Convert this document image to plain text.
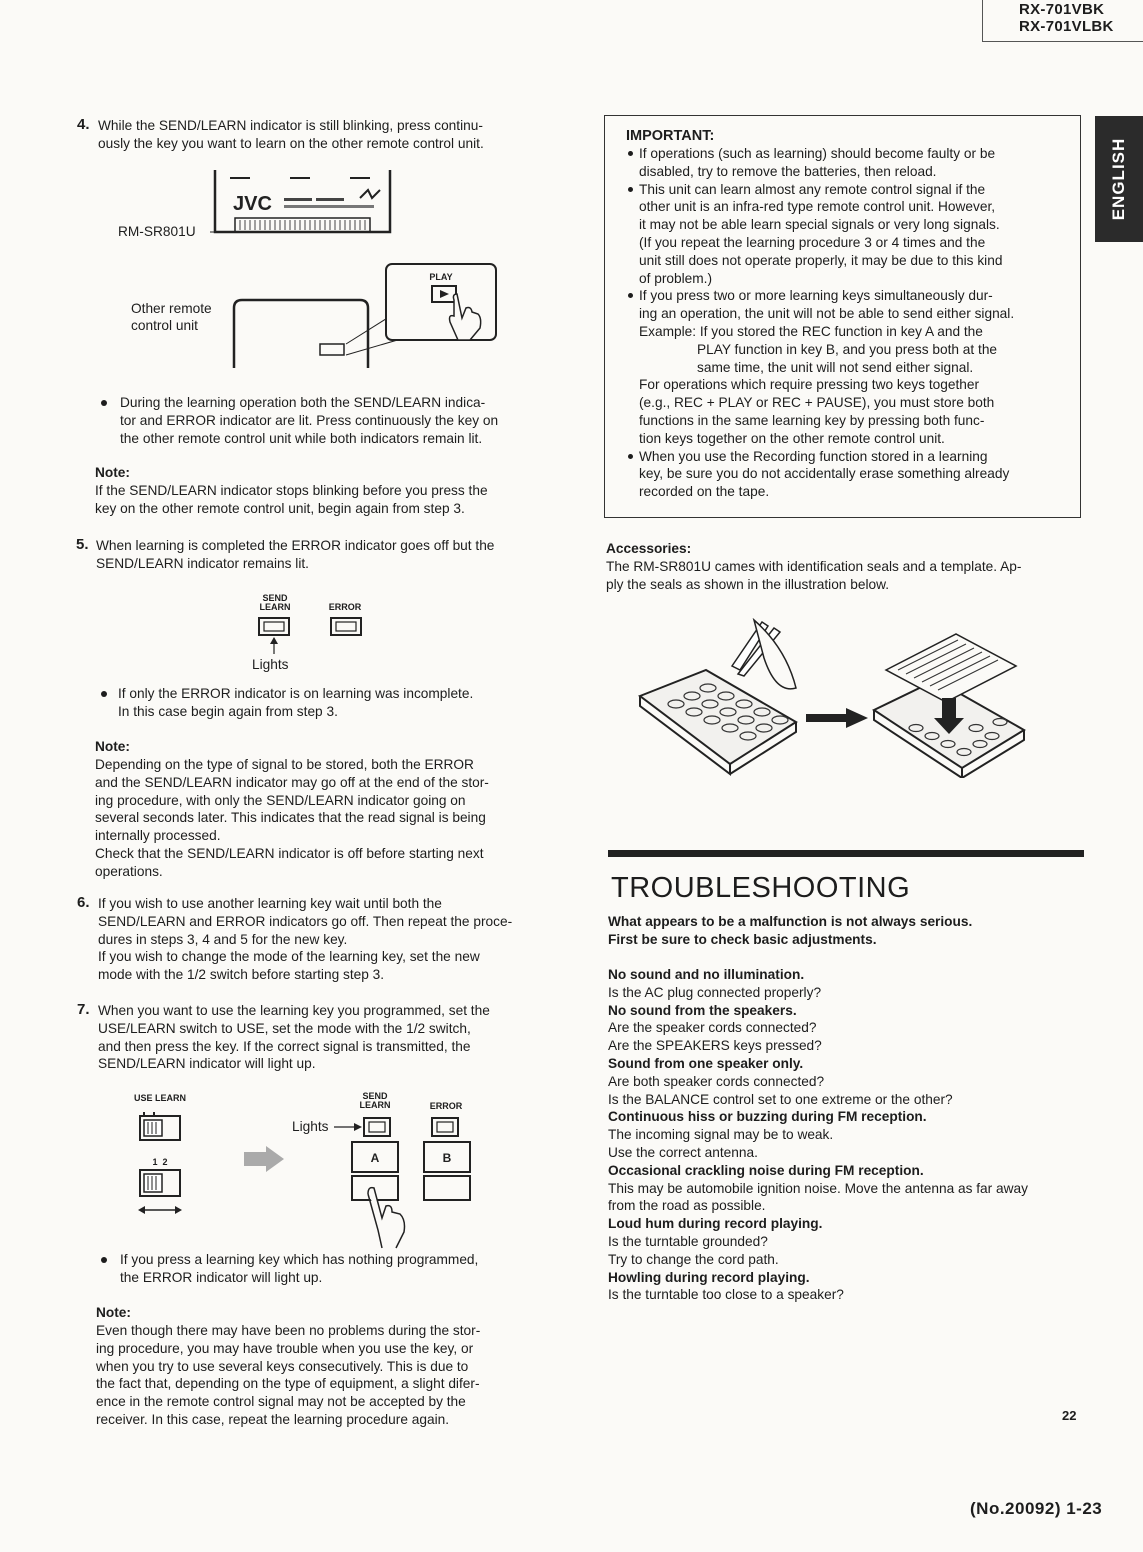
RX-701VBK
RX-701VLBK
ENGLISH
4. While the SEND/LEARN indicator is still blinking, press continu-
ously the key you want to learn on the other remote control unit.
RM-SR801U
Other remote
control unit
JVC
PLAY
During the learning operation both the SEND/LEARN indica-
tor and ERROR indicator are lit. Press continuously the key on
the other remote control unit while both indicators remain lit.
Note:
If the SEND/LEARN indicator stops blinking before you press the
key on the other remote control unit, begin again from step 3.
5. When learning is completed the ERROR indicator goes off but the
SEND/LEARN indicator remains lit.
SEND
LEARN	ERROR
Lights
If only the ERROR indicator is on learning was incomplete.
In this case begin again from step 3.
Note:
Depending on the type of signal to be stored, both the ERROR
and the SEND/LEARN indicator may go off at the end of the stor-
ing procedure, with only the SEND/LEARN indicator going on
several seconds later. This indicates that the read signal is being
internally processed.
Check that the SEND/LEARN indicator is off before starting next
operations.
6. If you wish to use another learning key wait until both the
SEND/LEARN and ERROR indicators go off. Then repeat the proce-
dures in steps 3, 4 and 5 for the new key.
If you wish to change the mode of the learning key, set the new
mode with the 1/2 switch before starting step 3.
7. When you want to use the learning key you programmed, set the
USE/LEARN switch to USE, set the mode with the 1/2 switch,
and then press the key. If the correct signal is transmitted, the
SEND/LEARN indicator will light up.
USE LEARN
1 2
SEND
LEARN	ERROR
Lights
A	B
If you press a learning key which has nothing programmed,
the ERROR indicator will light up.
Note:
Even though there may have been no problems during the stor-
ing procedure, you may have trouble when you use the key, or
when you try to use several keys consecutively. This is due to
the fact that, depending on the type of equipment, a slight difer-
ence in the remote control signal may not be accepted by the
receiver. In this case, repeat the learning procedure again.
IMPORTANT:
If operations (such as learning) should become faulty or be
disabled, try to remove the batteries, then reload.
This unit can learn almost any remote control signal if the
other unit is an infra-red type remote control unit. However,
it may not be able learn special signals or very long signals.
(If you repeat the learning procedure 3 or 4 times and the
unit still does not operate properly, it may be due to this kind
of problem.)
If you press two or more learning keys simultaneously dur-
ing an operation, the unit will not be able to send either signal.
Example: If you stored the REC function in key A and the
PLAY function in key B, and you press both at the
same time, the unit will not send either signal.
For operations which require pressing two keys together
(e.g., REC + PLAY or REC + PAUSE), you must store both
functions in the same learning key by pressing both func-
tion keys together on the other remote control unit.
When you use the Recording function stored in a learning
key, be sure you do not accidentally erase something already
recorded on the tape.
Accessories:
The RM-SR801U cames with identification seals and a template. Ap-
ply the seals as shown in the illustration below.
TROUBLESHOOTING
What appears to be a malfunction is not always serious.
First be sure to check basic adjustments.
No sound and no illumination.
Is the AC plug connected properly?
No sound from the speakers.
Are the speaker cords connected?
Are the SPEAKERS keys pressed?
Sound from one speaker only.
Are both speaker cords connected?
Is the BALANCE control set to one extreme or the other?
Continuous hiss or buzzing during FM reception.
The incoming signal may be to weak.
Use the correct antenna.
Occasional crackling noise during FM reception.
This may be automobile ignition noise. Move the antenna as far away
from the road as possible.
Loud hum during record playing.
Is the turntable grounded?
Try to change the cord path.
Howling during record playing.
Is the turntable too close to a speaker?
22
(No.20092) 1-23
